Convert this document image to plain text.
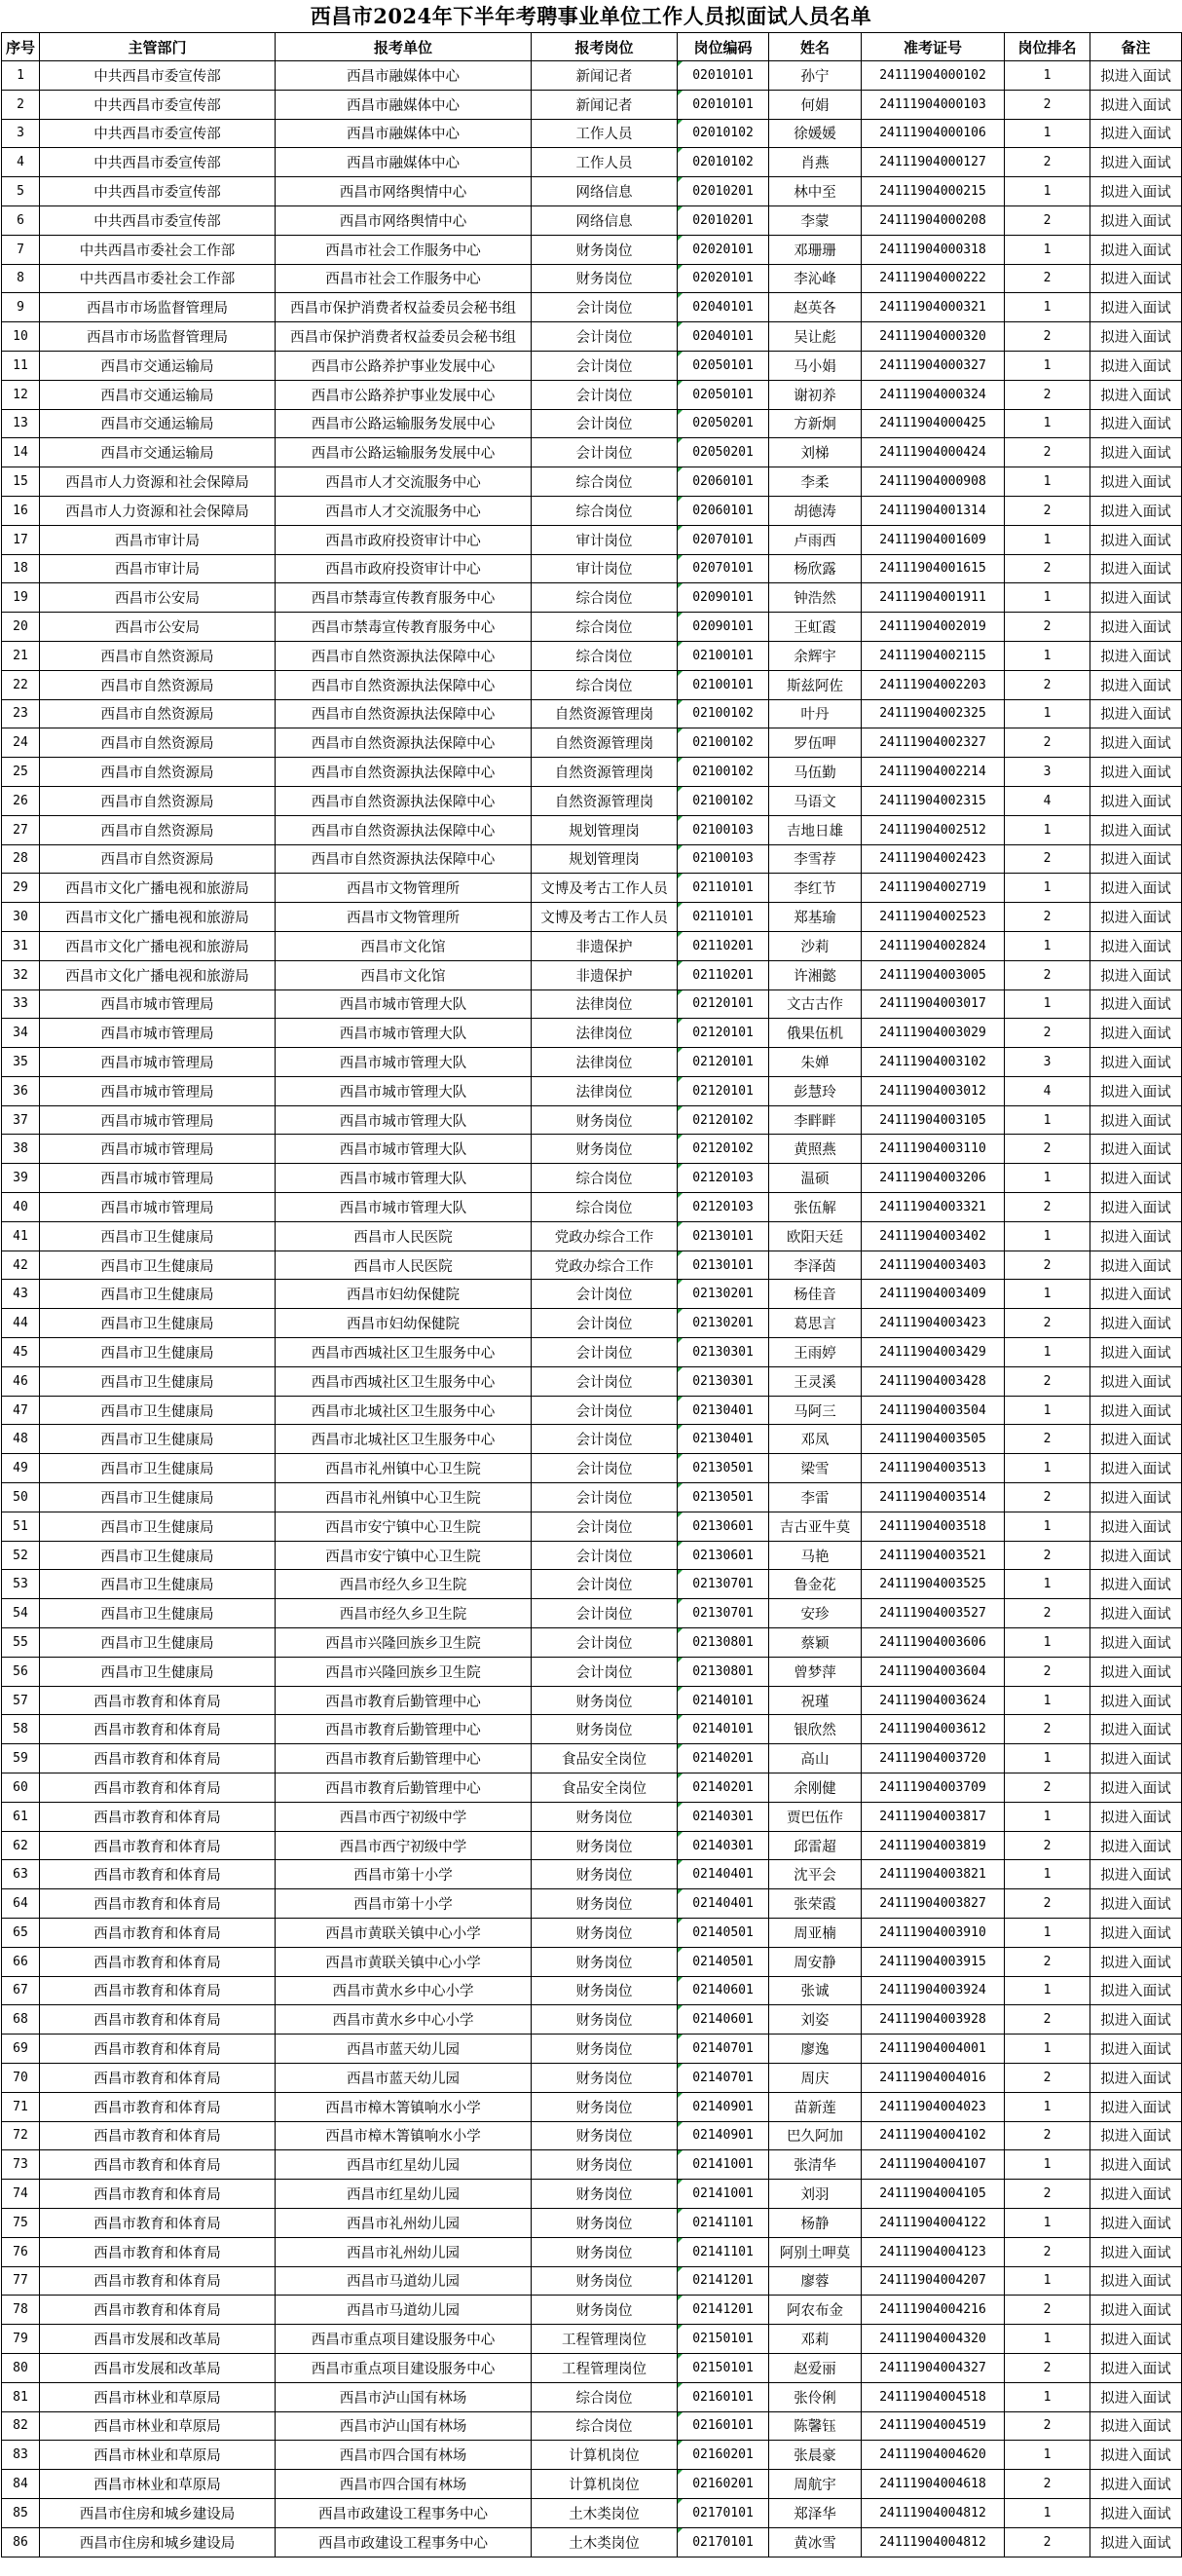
西昌市2024年下半年考聘事业单位工作人员拟面试人员名单
序号	主管部门	报考单位	报考岗位	岗位编码	姓名	准考证号	岗位排名	备注
1	中共西昌市委宣传部	西昌市融媒体中心	新闻记者	02010101	孙宁	24111904000102	1	拟进入面试
2	中共西昌市委宣传部	西昌市融媒体中心	新闻记者	02010101	何娟	24111904000103	2	拟进入面试
3	中共西昌市委宣传部	西昌市融媒体中心	工作人员	02010102	徐媛媛	24111904000106	1	拟进入面试
4	中共西昌市委宣传部	西昌市融媒体中心	工作人员	02010102	肖燕	24111904000127	2	拟进入面试
5	中共西昌市委宣传部	西昌市网络舆情中心	网络信息	02010201	林中至	24111904000215	1	拟进入面试
6	中共西昌市委宣传部	西昌市网络舆情中心	网络信息	02010201	李蒙	24111904000208	2	拟进入面试
7	中共西昌市委社会工作部	西昌市社会工作服务中心	财务岗位	02020101	邓珊珊	24111904000318	1	拟进入面试
8	中共西昌市委社会工作部	西昌市社会工作服务中心	财务岗位	02020101	李沁峰	24111904000222	2	拟进入面试
9	西昌市市场监督管理局	西昌市保护消费者权益委员会秘书组	会计岗位	02040101	赵英各	24111904000321	1	拟进入面试
10	西昌市市场监督管理局	西昌市保护消费者权益委员会秘书组	会计岗位	02040101	吴让彪	24111904000320	2	拟进入面试
11	西昌市交通运输局	西昌市公路养护事业发展中心	会计岗位	02050101	马小娟	24111904000327	1	拟进入面试
12	西昌市交通运输局	西昌市公路养护事业发展中心	会计岗位	02050101	谢初养	24111904000324	2	拟进入面试
13	西昌市交通运输局	西昌市公路运输服务发展中心	会计岗位	02050201	方新炯	24111904000425	1	拟进入面试
14	西昌市交通运输局	西昌市公路运输服务发展中心	会计岗位	02050201	刘梯	24111904000424	2	拟进入面试
15	西昌市人力资源和社会保障局	西昌市人才交流服务中心	综合岗位	02060101	李柔	24111904000908	1	拟进入面试
16	西昌市人力资源和社会保障局	西昌市人才交流服务中心	综合岗位	02060101	胡德涛	24111904001314	2	拟进入面试
17	西昌市审计局	西昌市政府投资审计中心	审计岗位	02070101	卢雨西	24111904001609	1	拟进入面试
18	西昌市审计局	西昌市政府投资审计中心	审计岗位	02070101	杨欣露	24111904001615	2	拟进入面试
19	西昌市公安局	西昌市禁毒宣传教育服务中心	综合岗位	02090101	钟浩然	24111904001911	1	拟进入面试
20	西昌市公安局	西昌市禁毒宣传教育服务中心	综合岗位	02090101	王虹霞	24111904002019	2	拟进入面试
21	西昌市自然资源局	西昌市自然资源执法保障中心	综合岗位	02100101	余辉宇	24111904002115	1	拟进入面试
22	西昌市自然资源局	西昌市自然资源执法保障中心	综合岗位	02100101	斯兹阿佐	24111904002203	2	拟进入面试
23	西昌市自然资源局	西昌市自然资源执法保障中心	自然资源管理岗	02100102	叶丹	24111904002325	1	拟进入面试
24	西昌市自然资源局	西昌市自然资源执法保障中心	自然资源管理岗	02100102	罗伍呷	24111904002327	2	拟进入面试
25	西昌市自然资源局	西昌市自然资源执法保障中心	自然资源管理岗	02100102	马伍勤	24111904002214	3	拟进入面试
26	西昌市自然资源局	西昌市自然资源执法保障中心	自然资源管理岗	02100102	马语文	24111904002315	4	拟进入面试
27	西昌市自然资源局	西昌市自然资源执法保障中心	规划管理岗	02100103	吉地日雄	24111904002512	1	拟进入面试
28	西昌市自然资源局	西昌市自然资源执法保障中心	规划管理岗	02100103	李雪荐	24111904002423	2	拟进入面试
29	西昌市文化广播电视和旅游局	西昌市文物管理所	文博及考古工作人员	02110101	李红节	24111904002719	1	拟进入面试
30	西昌市文化广播电视和旅游局	西昌市文物管理所	文博及考古工作人员	02110101	郑基瑜	24111904002523	2	拟进入面试
31	西昌市文化广播电视和旅游局	西昌市文化馆	非遗保护	02110201	沙莉	24111904002824	1	拟进入面试
32	西昌市文化广播电视和旅游局	西昌市文化馆	非遗保护	02110201	许湘懿	24111904003005	2	拟进入面试
33	西昌市城市管理局	西昌市城市管理大队	法律岗位	02120101	文古古作	24111904003017	1	拟进入面试
34	西昌市城市管理局	西昌市城市管理大队	法律岗位	02120101	俄果伍机	24111904003029	2	拟进入面试
35	西昌市城市管理局	西昌市城市管理大队	法律岗位	02120101	朱婵	24111904003102	3	拟进入面试
36	西昌市城市管理局	西昌市城市管理大队	法律岗位	02120101	彭慧玲	24111904003012	4	拟进入面试
37	西昌市城市管理局	西昌市城市管理大队	财务岗位	02120102	李畔畔	24111904003105	1	拟进入面试
38	西昌市城市管理局	西昌市城市管理大队	财务岗位	02120102	黄照燕	24111904003110	2	拟进入面试
39	西昌市城市管理局	西昌市城市管理大队	综合岗位	02120103	温硕	24111904003206	1	拟进入面试
40	西昌市城市管理局	西昌市城市管理大队	综合岗位	02120103	张伍解	24111904003321	2	拟进入面试
41	西昌市卫生健康局	西昌市人民医院	党政办综合工作	02130101	欧阳天廷	24111904003402	1	拟进入面试
42	西昌市卫生健康局	西昌市人民医院	党政办综合工作	02130101	李泽茵	24111904003403	2	拟进入面试
43	西昌市卫生健康局	西昌市妇幼保健院	会计岗位	02130201	杨佳音	24111904003409	1	拟进入面试
44	西昌市卫生健康局	西昌市妇幼保健院	会计岗位	02130201	葛思言	24111904003423	2	拟进入面试
45	西昌市卫生健康局	西昌市西城社区卫生服务中心	会计岗位	02130301	王雨婷	24111904003429	1	拟进入面试
46	西昌市卫生健康局	西昌市西城社区卫生服务中心	会计岗位	02130301	王灵溪	24111904003428	2	拟进入面试
47	西昌市卫生健康局	西昌市北城社区卫生服务中心	会计岗位	02130401	马阿三	24111904003504	1	拟进入面试
48	西昌市卫生健康局	西昌市北城社区卫生服务中心	会计岗位	02130401	邓凤	24111904003505	2	拟进入面试
49	西昌市卫生健康局	西昌市礼州镇中心卫生院	会计岗位	02130501	梁雪	24111904003513	1	拟进入面试
50	西昌市卫生健康局	西昌市礼州镇中心卫生院	会计岗位	02130501	李雷	24111904003514	2	拟进入面试
51	西昌市卫生健康局	西昌市安宁镇中心卫生院	会计岗位	02130601	吉古亚牛莫	24111904003518	1	拟进入面试
52	西昌市卫生健康局	西昌市安宁镇中心卫生院	会计岗位	02130601	马艳	24111904003521	2	拟进入面试
53	西昌市卫生健康局	西昌市经久乡卫生院	会计岗位	02130701	鲁金花	24111904003525	1	拟进入面试
54	西昌市卫生健康局	西昌市经久乡卫生院	会计岗位	02130701	安珍	24111904003527	2	拟进入面试
55	西昌市卫生健康局	西昌市兴隆回族乡卫生院	会计岗位	02130801	蔡颖	24111904003606	1	拟进入面试
56	西昌市卫生健康局	西昌市兴隆回族乡卫生院	会计岗位	02130801	曾梦萍	24111904003604	2	拟进入面试
57	西昌市教育和体育局	西昌市教育后勤管理中心	财务岗位	02140101	祝瑾	24111904003624	1	拟进入面试
58	西昌市教育和体育局	西昌市教育后勤管理中心	财务岗位	02140101	银欣然	24111904003612	2	拟进入面试
59	西昌市教育和体育局	西昌市教育后勤管理中心	食品安全岗位	02140201	高山	24111904003720	1	拟进入面试
60	西昌市教育和体育局	西昌市教育后勤管理中心	食品安全岗位	02140201	余刚健	24111904003709	2	拟进入面试
61	西昌市教育和体育局	西昌市西宁初级中学	财务岗位	02140301	贾巴伍作	24111904003817	1	拟进入面试
62	西昌市教育和体育局	西昌市西宁初级中学	财务岗位	02140301	邱雷超	24111904003819	2	拟进入面试
63	西昌市教育和体育局	西昌市第十小学	财务岗位	02140401	沈平会	24111904003821	1	拟进入面试
64	西昌市教育和体育局	西昌市第十小学	财务岗位	02140401	张荣霞	24111904003827	2	拟进入面试
65	西昌市教育和体育局	西昌市黄联关镇中心小学	财务岗位	02140501	周亚楠	24111904003910	1	拟进入面试
66	西昌市教育和体育局	西昌市黄联关镇中心小学	财务岗位	02140501	周安静	24111904003915	2	拟进入面试
67	西昌市教育和体育局	西昌市黄水乡中心小学	财务岗位	02140601	张诚	24111904003924	1	拟进入面试
68	西昌市教育和体育局	西昌市黄水乡中心小学	财务岗位	02140601	刘姿	24111904003928	2	拟进入面试
69	西昌市教育和体育局	西昌市蓝天幼儿园	财务岗位	02140701	廖逸	24111904004001	1	拟进入面试
70	西昌市教育和体育局	西昌市蓝天幼儿园	财务岗位	02140701	周庆	24111904004016	2	拟进入面试
71	西昌市教育和体育局	西昌市樟木箐镇响水小学	财务岗位	02140901	苗新莲	24111904004023	1	拟进入面试
72	西昌市教育和体育局	西昌市樟木箐镇响水小学	财务岗位	02140901	巴久阿加	24111904004102	2	拟进入面试
73	西昌市教育和体育局	西昌市红星幼儿园	财务岗位	02141001	张清华	24111904004107	1	拟进入面试
74	西昌市教育和体育局	西昌市红星幼儿园	财务岗位	02141001	刘羽	24111904004105	2	拟进入面试
75	西昌市教育和体育局	西昌市礼州幼儿园	财务岗位	02141101	杨静	24111904004122	1	拟进入面试
76	西昌市教育和体育局	西昌市礼州幼儿园	财务岗位	02141101	阿别土呷莫	24111904004123	2	拟进入面试
77	西昌市教育和体育局	西昌市马道幼儿园	财务岗位	02141201	廖蓉	24111904004207	1	拟进入面试
78	西昌市教育和体育局	西昌市马道幼儿园	财务岗位	02141201	阿农布金	24111904004216	2	拟进入面试
79	西昌市发展和改革局	西昌市重点项目建设服务中心	工程管理岗位	02150101	邓莉	24111904004320	1	拟进入面试
80	西昌市发展和改革局	西昌市重点项目建设服务中心	工程管理岗位	02150101	赵爱丽	24111904004327	2	拟进入面试
81	西昌市林业和草原局	西昌市泸山国有林场	综合岗位	02160101	张伶俐	24111904004518	1	拟进入面试
82	西昌市林业和草原局	西昌市泸山国有林场	综合岗位	02160101	陈馨钰	24111904004519	2	拟进入面试
83	西昌市林业和草原局	西昌市四合国有林场	计算机岗位	02160201	张晨豪	24111904004620	1	拟进入面试
84	西昌市林业和草原局	西昌市四合国有林场	计算机岗位	02160201	周航宇	24111904004618	2	拟进入面试
85	西昌市住房和城乡建设局	西昌市政建设工程事务中心	土木类岗位	02170101	郑泽华	24111904004812	1	拟进入面试
86	西昌市住房和城乡建设局	西昌市政建设工程事务中心	土木类岗位	02170101	黄冰雪	24111904004812	2	拟进入面试
